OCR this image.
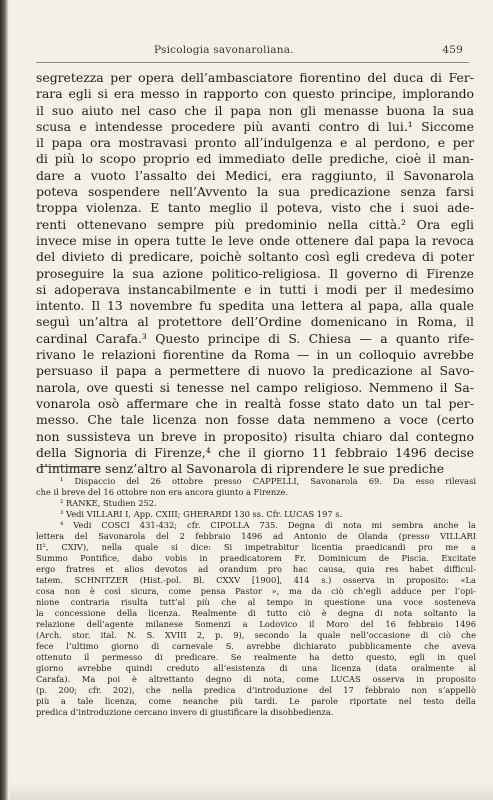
Psicologia savonaroliana.	459
segretezza per opera dell’ambasciatore fiorentino del duca di Fer-
rara egli si era messo in rapporto con questo principe, implorando
il suo aiuto nel caso che il papa non gli menasse buona la sua
scusa e intendesse procedere più avanti contro di lui.¹ Siccome
il papa ora mostravasi pronto all’indulgenza e al perdono, e per
di più lo scopo proprio ed immediato delle prediche, cioè il man-
dare a vuoto l’assalto dei Medici, era raggiunto, il Savonarola
poteva sospendere nell’Avvento la sua predicazione senza farsi
troppa violenza. E tanto meglio il poteva, visto che i suoi ade-
renti ottenevano sempre più predominio nella città.² Ora egli
invece mise in opera tutte le leve onde ottenere dal papa la revoca
del divieto di predicare, poichè soltanto così egli credeva di poter
proseguire la sua azione politico-religiosa. Il governo di Firenze
si adoperava instancabilmente e in tutti i modi per il medesimo
intento. Il 13 novembre fu spedita una lettera al papa, alla quale
seguì un’altra al protettore dell’Ordine domenicano in Roma, il
cardinal Carafa.³ Questo principe di S. Chiesa — a quanto rife-
rivano le relazioni fiorentine da Roma — in un colloquio avrebbe
persuaso il papa a permettere di nuovo la predicazione al Savo-
narola, ove questi si tenesse nel campo religioso. Nemmeno il Sa-
vonarola osò affermare che in realtà fosse stato dato un tal per-
messo. Che tale licenza non fosse data nemmeno a voce (certo
non sussisteva un breve in proposito) risulta chiaro dal contegno
della Signoria di Firenze,⁴ che il giorno 11 febbraio 1496 decise
d’intimare senz’altro al Savonarola di riprendere le sue prediche
¹ Dispaccio del 26 ottobre presso CAPPELLI, Savonarola 69. Da esso rilevasi
che il breve del 16 ottobre non era ancora giunto a Firenze.
² RANKE, Studien 252.
³ Vedi VILLARI I, App. CXIII; GHERARDI 130 ss. Cfr. LUCAS 197 s.
⁴ Vedi COSCI 431-432; cfr. CIPOLLA 735. Degna di nota mi sembra anche la
lettera del Savonarola del 2 febbraio 1496 ad Antonio de Olanda (presso VILLARI
II², CXIV), nella quale si dice: Si impetrabitur licentia praedicandi pro me a
Summo Pontifice, dabo vobis in praedicatorem Fr. Dominicum de Piscia. Excitate
ergo fratres et alios devotos ad orandum pro hac causa, quia res habet difficul-
tatem. SCHNITZER (Hist.-pol. Bl. CXXV [1900], 414 s.) osserva in proposito: «La
cosa non è così sicura, come pensa Pastor », ma da ciò ch’egli adduce per l’opi-
nione contraria risulta tutt’al più che al tempo in questione una voce sosteneva
la concessione della licenza. Realmente di tutto ciò è degna di nota soltanto la
relazione dell’agente milanese Somenzi a Lodovico il Moro del 16 febbraio 1496
(Arch. stor. ital. N. S. XVIII 2, p. 9), secondo la quale nell’occasione di ciò che
fece l’ultimo giorno di carnevale S. avrebbe dichiarato pubblicamente che aveva
ottenuto il permesso di predicare. Se realmente ha detto questo, egli in quel
giorno avrebbe quindi creduto all’esistenza di una licenza (data oralmente al
Carafa). Ma poi è altrettanto degno di nota, come LUCAS osserva in proposito
(p. 200; cfr. 202), che nella predica d’introduzione del 17 febbraio non s’appellò
più a tale licenza, come neanche più tardi. Le parole riportate nel testo della
predica d’introduzione cercano invero di giustificare la disobbedienza.
